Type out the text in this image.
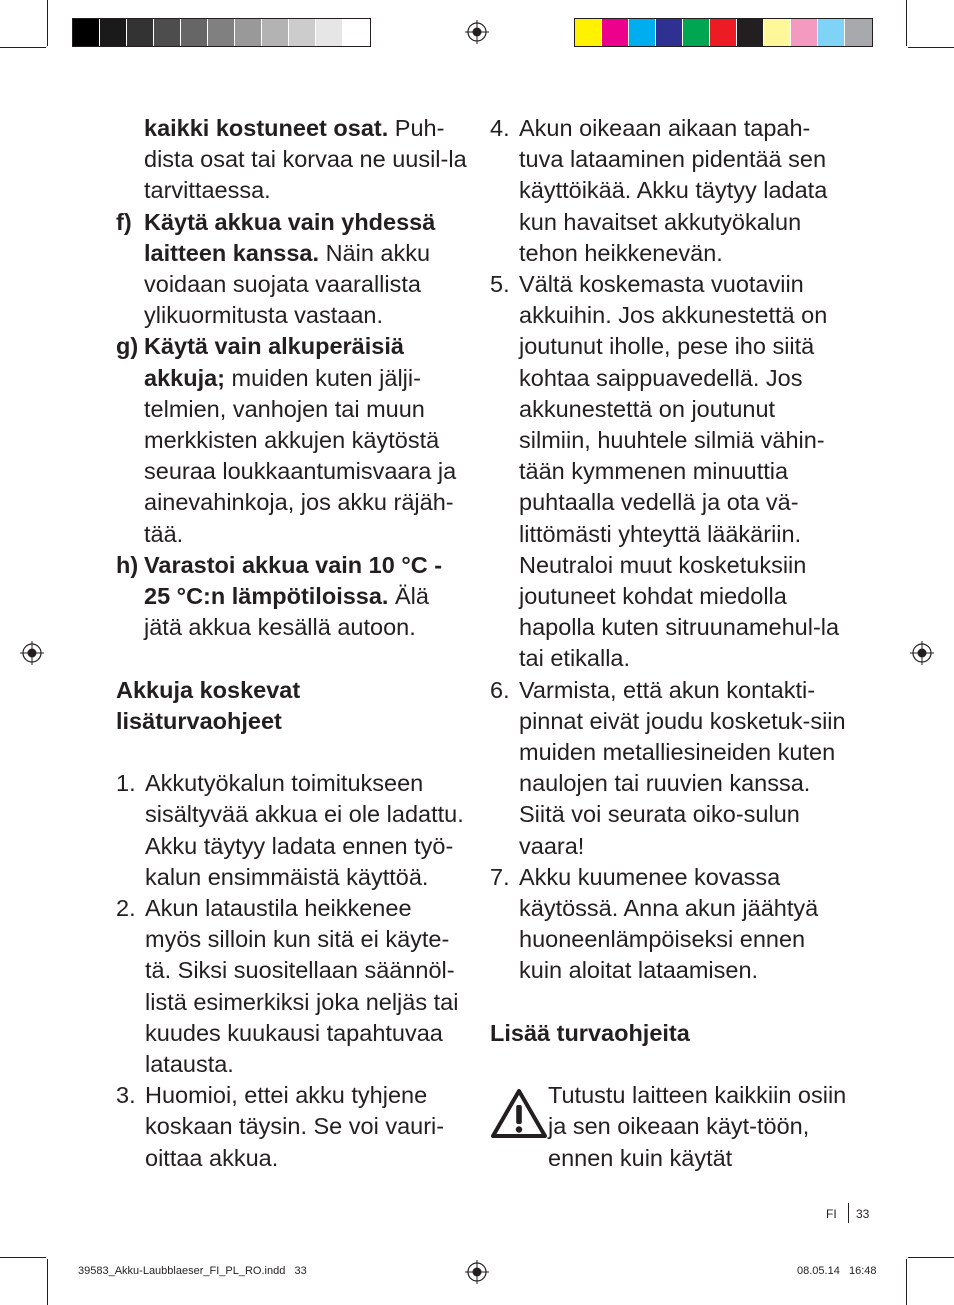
kaikki kostuneet osat. Puh-dista osat tai korvaa ne uusil-la tarvittaessa.

f) Käytä akkua vain yhdessä laitteen kanssa. Näin akku voidaan suojata vaarallista ylikuormitusta vastaan.

g) Käytä vain alkuperäisiä akkuja; muiden kuten jälji-telmien, vanhojen tai muun merkkisten akkujen käytöstä seuraa loukkaantumisvaara ja ainevahinkoja, jos akku räjäh-tää.

h) Varastoi akkua vain 10 °C - 25 °C:n lämpötiloissa. Älä jätä akkua kesällä autoon.

Akkuja koskevat lisäturvaohjeet

1. Akkutyökalun toimitukseen sisältyvää akkua ei ole ladattu. Akku täytyy ladata ennen työ-kalun ensimmäistä käyttöä.

2. Akun lataustila heikkenee myös silloin kun sitä ei käyte-tä. Siksi suositellaan säännöl-listä esimerkiksi joka neljäs tai kuudes kuukausi tapahtuvaa latausta.

3. Huomioi, ettei akku tyhjene koskaan täysin. Se voi vauri-oittaa akkua.

4. Akun oikeaan aikaan tapah-tuva lataaminen pidentää sen käyttöikää. Akku täytyy ladata kun havaitset akkutyökalun tehon heikkenevän.

5. Vältä koskemasta vuotaviin akkuihin. Jos akkunestettä on joutunut iholle, pese iho siitä kohtaa saippuavedellä. Jos akkunestettä on joutunut silmiin, huuhtele silmiä vähin-tään kymmenen minuuttia puhtaalla vedellä ja ota vä-littömästi yhteyttä lääkäriin. Neutraloi muut kosketuksiin joutuneet kohdat miedolla hapolla kuten sitruunamehul-la tai etikalla.

6. Varmista, että akun kontakti-pinnat eivät joudu kosketuk-siin muiden metalliesineiden kuten naulojen tai ruuvien kanssa. Siitä voi seurata oiko-sulun vaara!

7. Akku kuumenee kovassa käytössä. Anna akun jäähtyä huoneenlämpöiseksi ennen kuin aloitat lataamisen.

Lisää turvaohjeita

Tutustu laitteen kaikkiin osiin ja sen oikeaan käyt-töön, ennen kuin käytät

FI 33
39583_Akku-Laubblaeser_FI_PL_RO.indd   33	08.05.14   16:48
